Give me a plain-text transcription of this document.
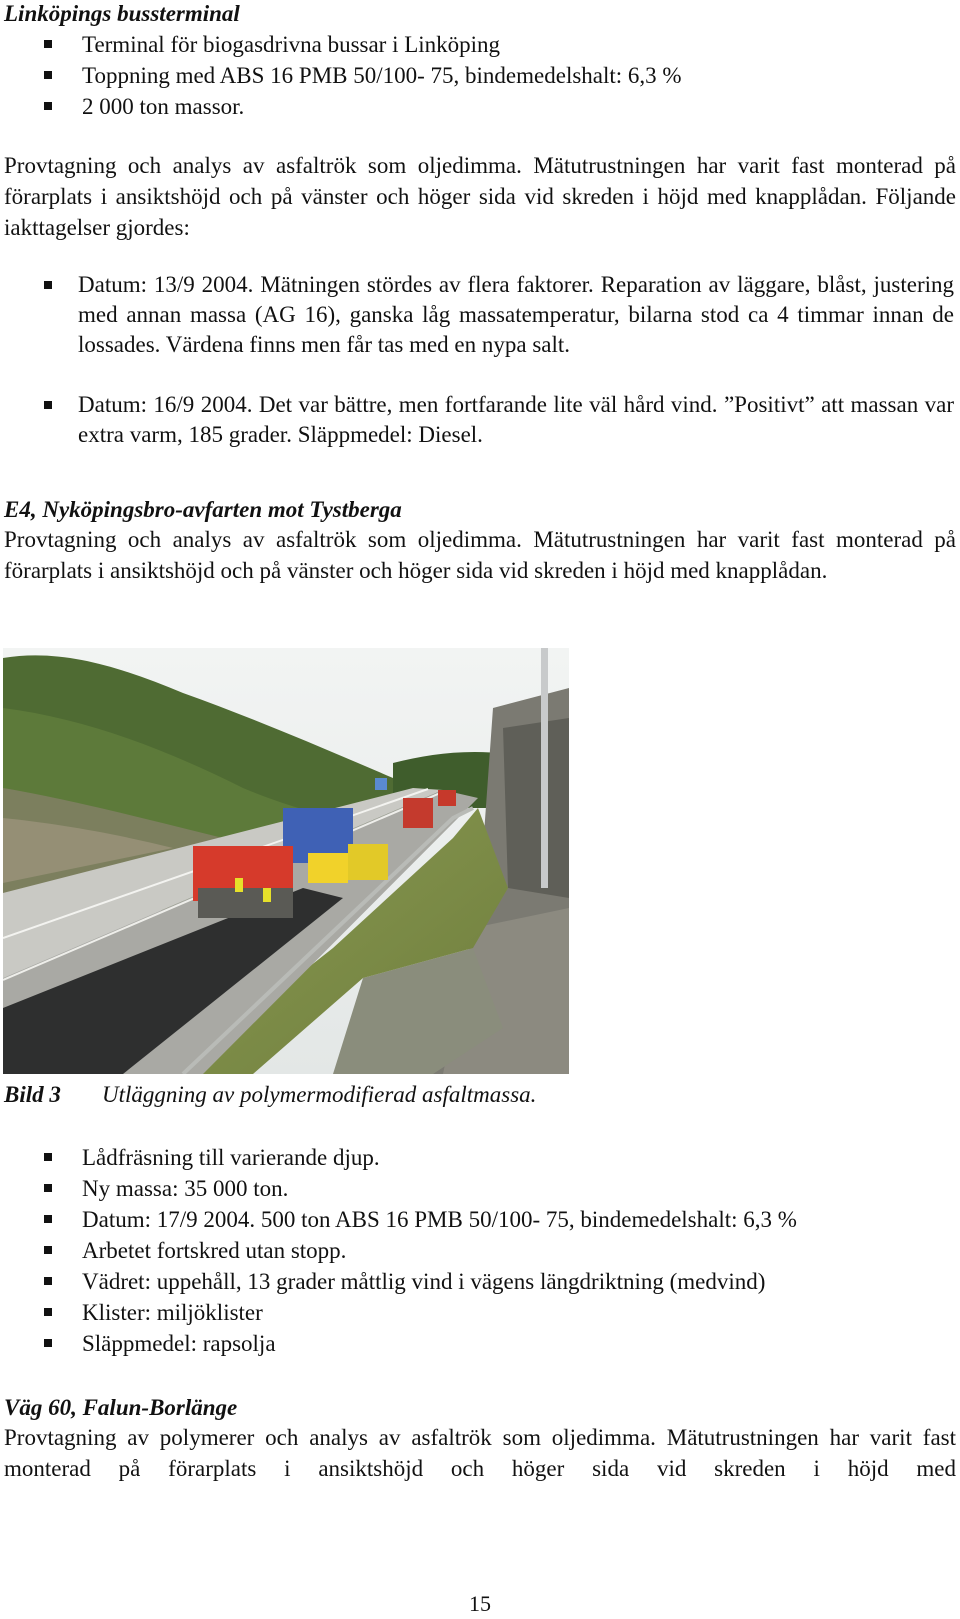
Linköpings bussterminal
Terminal för biogasdrivna bussar i Linköping
Toppning med ABS 16 PMB 50/100- 75, bindemedelshalt: 6,3 %
2 000 ton massor.

Provtagning och analys av asfaltrök som oljedimma. Mätutrustningen har varit fast monterad på förarplats i ansiktshöjd och på vänster och höger sida vid skreden i höjd med knapplådan. Följande iakttagelser gjordes:

Datum: 13/9 2004. Mätningen stördes av flera faktorer. Reparation av läggare, blåst, justering med annan massa (AG 16), ganska låg massatemperatur, bilarna stod ca 4 timmar innan de lossades. Värdena finns men får tas med en nypa salt.
Datum: 16/9 2004. Det var bättre, men fortfarande lite väl hård vind. ”Positivt” att massan var extra varm, 185 grader. Släppmedel: Diesel.
E4, Nyköpingsbro-avfarten mot Tystberga

Provtagning och analys av asfaltrök som oljedimma. Mätutrustningen har varit fast monterad på förarplats i ansiktshöjd och på vänster och höger sida vid skreden i höjd med knapplådan.

Bild 3 Utläggning av polymermodifierad asfaltmassa.
Lådfräsning till varierande djup.
Ny massa: 35 000 ton.
Datum: 17/9 2004. 500 ton ABS 16 PMB 50/100- 75, bindemedelshalt: 6,3 %
Arbetet fortskred utan stopp.
Vädret: uppehåll, 13 grader måttlig vind i vägens längdriktning (medvind)
Klister: miljöklister
Släppmedel: rapsolja
Väg 60, Falun-Borlänge

Provtagning av polymerer och analys av asfaltrök som oljedimma. Mätutrustningen har varit fast monterad på förarplats i ansiktshöjd och höger sida vid skreden i höjd med

15
